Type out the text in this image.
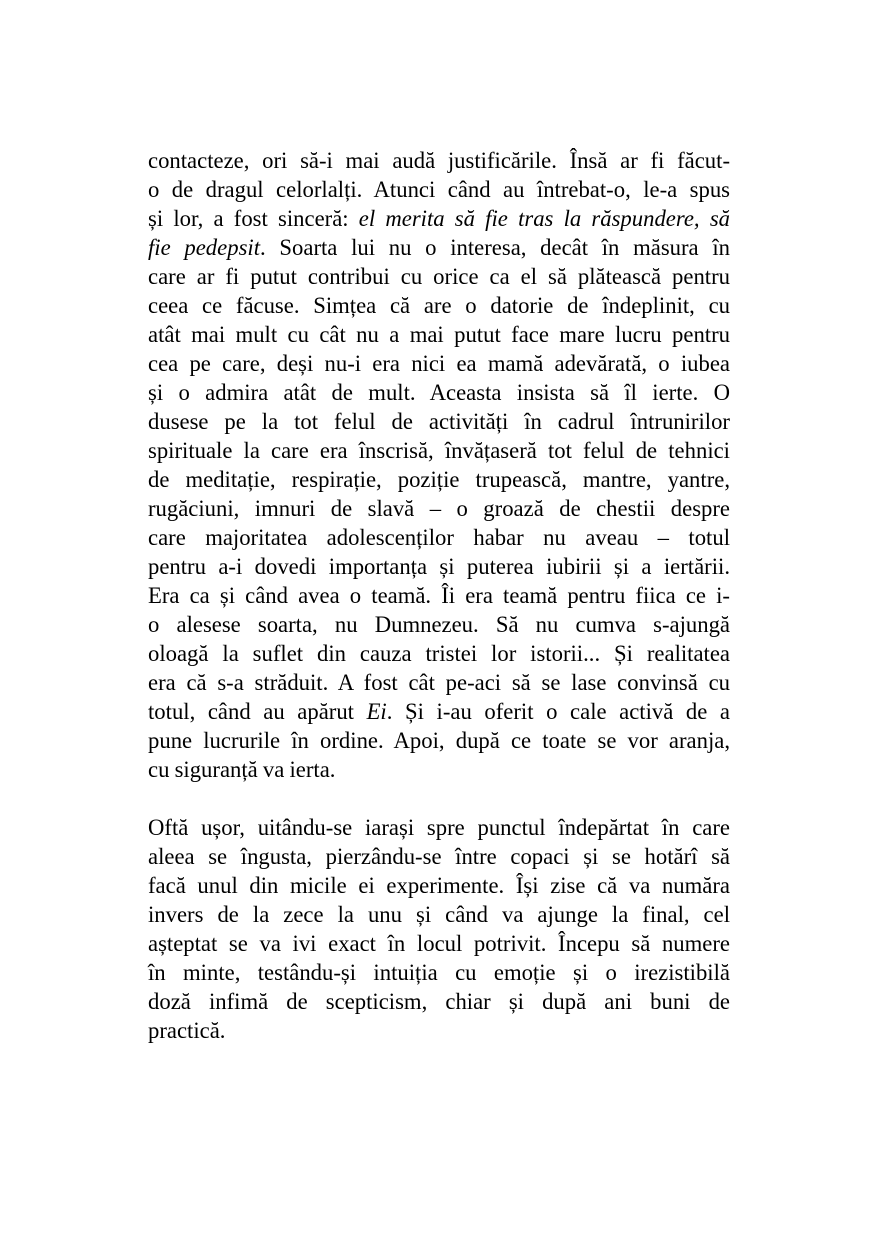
contacteze, ori să-i mai audă justificările. Însă ar fi făcut-
o de dragul celorlalți. Atunci când au întrebat-o, le-a spus
și lor, a fost sinceră: el merita să fie tras la răspundere, să
fie pedepsit. Soarta lui nu o interesa, decât în măsura în
care ar fi putut contribui cu orice ca el să plătească pentru
ceea ce făcuse. Simțea că are o datorie de îndeplinit, cu
atât mai mult cu cât nu a mai putut face mare lucru pentru
cea pe care, deși nu-i era nici ea mamă adevărată, o iubea
și o admira atât de mult. Aceasta insista să îl ierte. O
dusese pe la tot felul de activități în cadrul întrunirilor
spirituale la care era înscrisă, învățaseră tot felul de tehnici
de meditație, respirație, poziție trupească, mantre, yantre,
rugăciuni, imnuri de slavă – o groază de chestii despre
care majoritatea adolescenților habar nu aveau – totul
pentru a-i dovedi importanța și puterea iubirii și a iertării.
Era ca și când avea o teamă. Îi era teamă pentru fiica ce i-
o alesese soarta, nu Dumnezeu. Să nu cumva s-ajungă
oloagă la suflet din cauza tristei lor istorii... Și realitatea
era că s-a străduit. A fost cât pe-aci să se lase convinsă cu
totul, când au apărut Ei. Și i-au oferit o cale activă de a
pune lucrurile în ordine. Apoi, după ce toate se vor aranja,
cu siguranță va ierta.
Oftă ușor, uitându-se iarași spre punctul îndepărtat în care
aleea se îngusta, pierzându-se între copaci și se hotărî să
facă unul din micile ei experimente. Își zise că va număra
invers de la zece la unu și când va ajunge la final, cel
așteptat se va ivi exact în locul potrivit. Începu să numere
în minte, testându-și intuiția cu emoție și o irezistibilă
doză infimă de scepticism, chiar și după ani buni de
practică.
